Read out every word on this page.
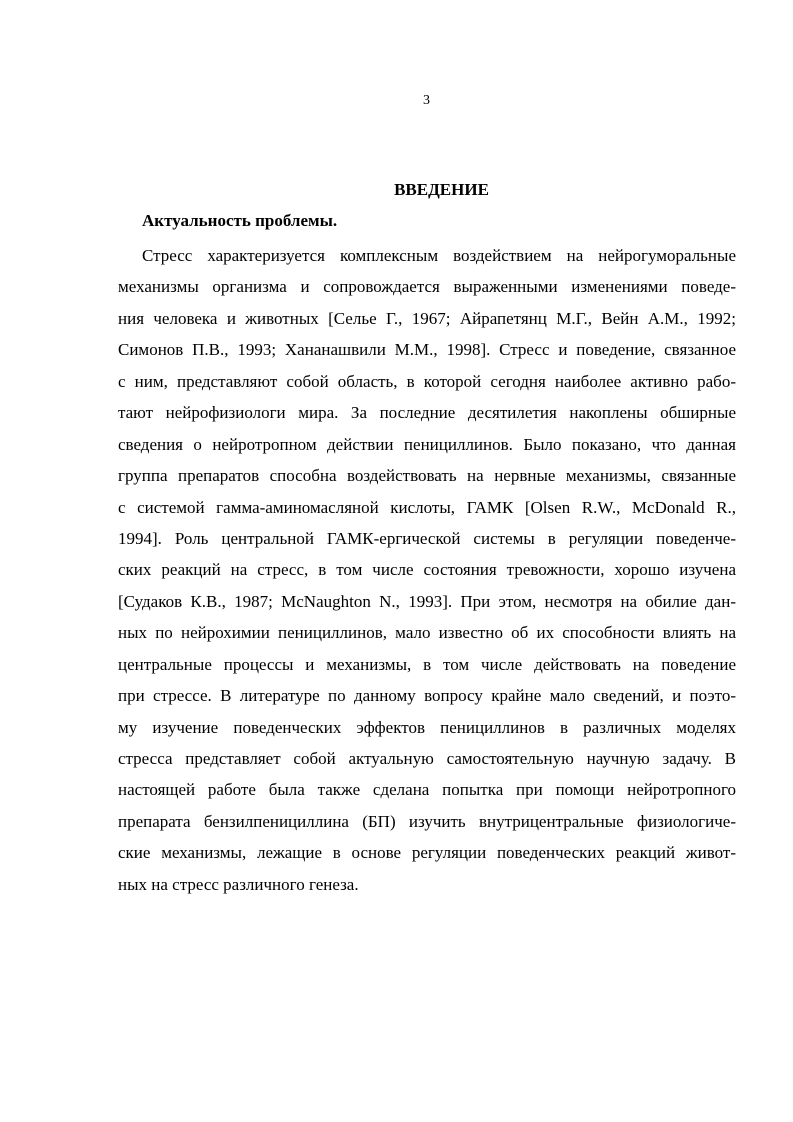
3
ВВЕДЕНИЕ
Актуальность проблемы.
Стресс характеризуется комплексным воздействием на нейрогуморальные
механизмы организма и сопровождается выраженными изменениями поведе-
ния человека и животных [Селье Г., 1967; Айрапетянц М.Г., Вейн А.М., 1992;
Симонов П.В., 1993; Хананашвили М.М., 1998]. Стресс и поведение, связанное
с ним, представляют собой область, в которой сегодня наиболее активно рабо-
тают нейрофизиологи мира. За последние десятилетия накоплены обширные
сведения о нейротропном действии пенициллинов. Было показано, что данная
группа препаратов способна воздействовать на нервные механизмы, связанные
с системой гамма-аминомасляной кислоты, ГАМК [Olsen R.W., McDonald R.,
1994]. Роль центральной ГАМК-ергической системы в регуляции поведенче-
ских реакций на стресс, в том числе состояния тревожности, хорошо изучена
[Судаков К.В., 1987; McNaughton N., 1993]. При этом, несмотря на обилие дан-
ных по нейрохимии пенициллинов, мало известно об их способности влиять на
центральные процессы и механизмы, в том числе действовать на поведение
при стрессе. В литературе по данному вопросу крайне мало сведений, и поэто-
му изучение поведенческих эффектов пенициллинов в различных моделях
стресса представляет собой актуальную самостоятельную научную задачу. В
настоящей работе была также сделана попытка при помощи нейротропного
препарата бензилпенициллина (БП) изучить внутрицентральные физиологиче-
ские механизмы, лежащие в основе регуляции поведенческих реакций живот-
ных на стресс различного генеза.
